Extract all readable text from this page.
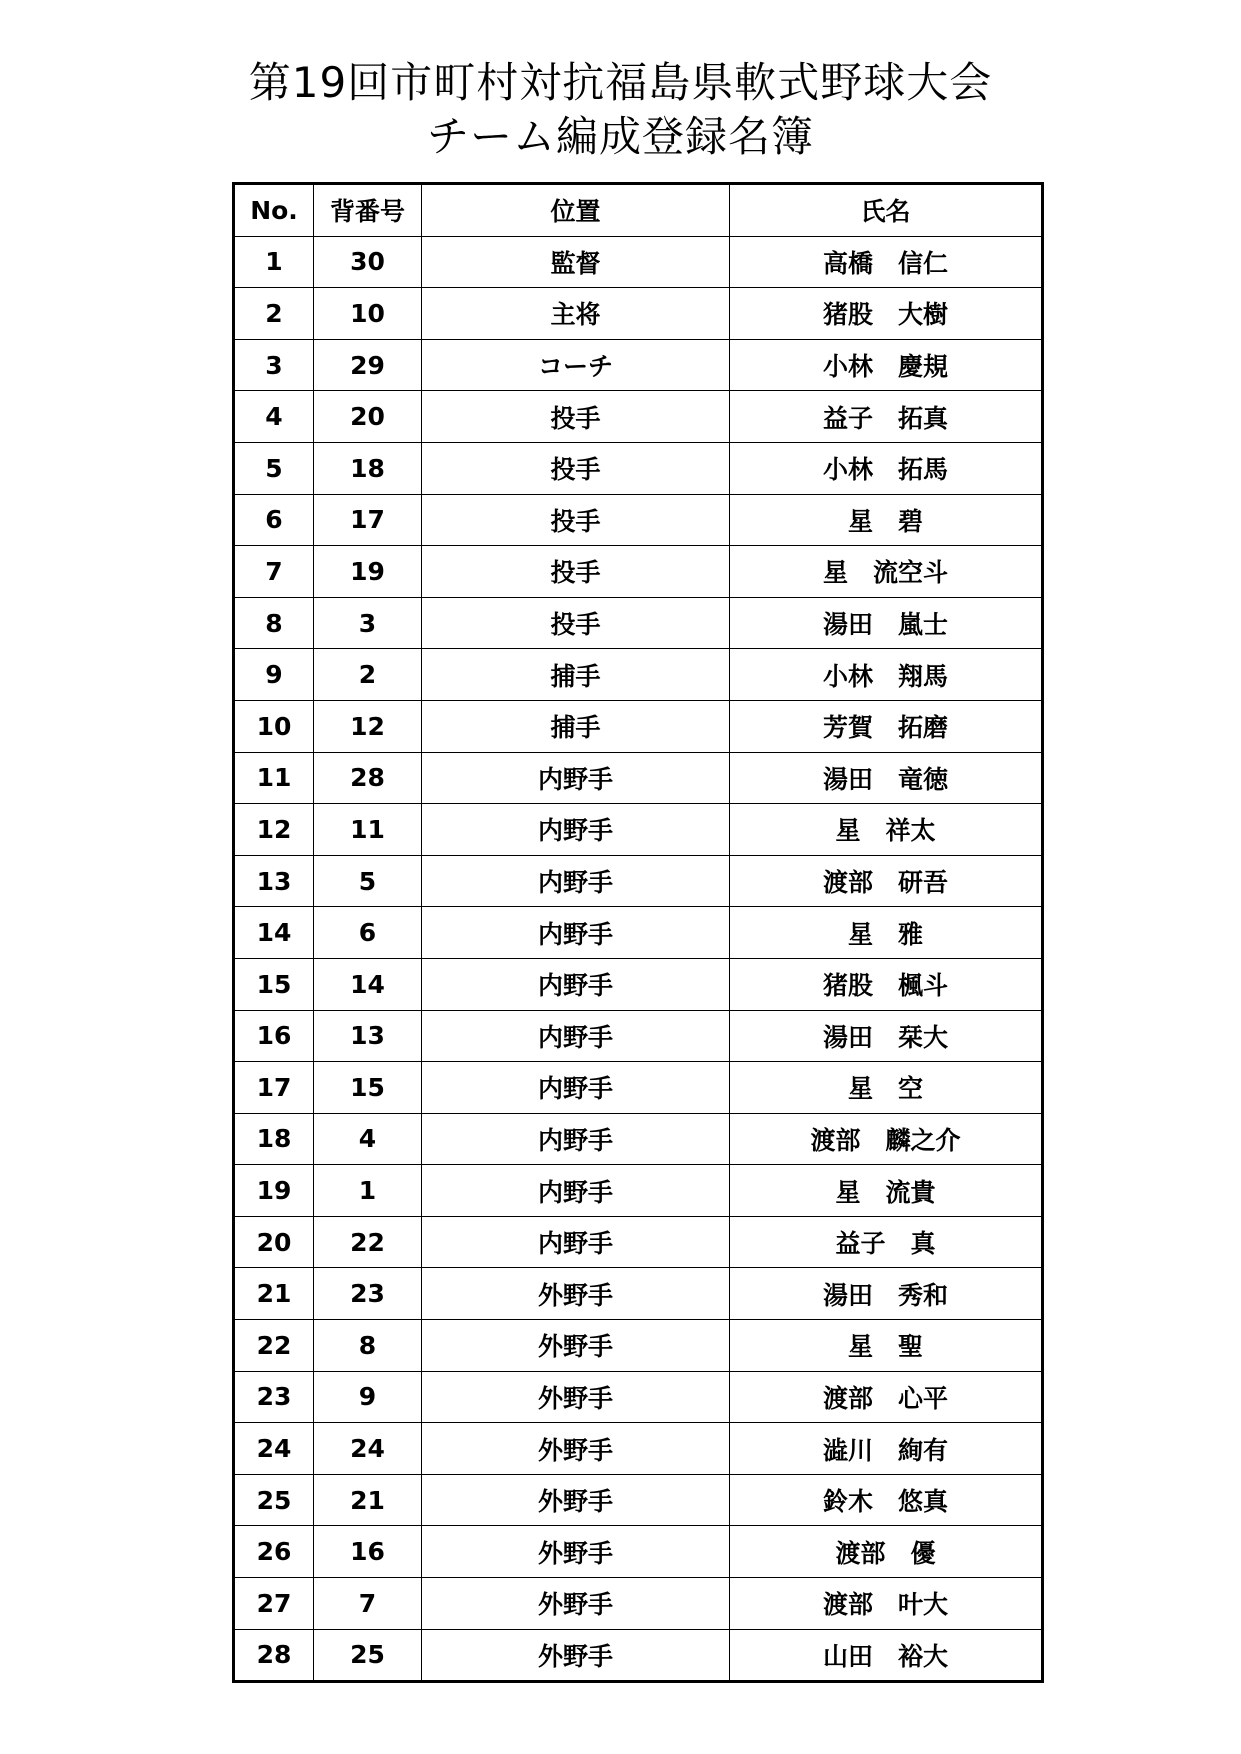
第19回市町村対抗福島県軟式野球大会
チーム編成登録名簿
No.	背番号	位置	氏名
1	30	監督	高橋　信仁
2	10	主将	猪股　大樹
3	29	コーチ	小林　慶規
4	20	投手	益子　拓真
5	18	投手	小林　拓馬
6	17	投手	星　碧
7	19	投手	星　流空斗
8	3	投手	湯田　嵐士
9	2	捕手	小林　翔馬
10	12	捕手	芳賀　拓磨
11	28	内野手	湯田　竜徳
12	11	内野手	星　祥太
13	5	内野手	渡部　研吾
14	6	内野手	星　雅
15	14	内野手	猪股　楓斗
16	13	内野手	湯田　栞大
17	15	内野手	星　空
18	4	内野手	渡部　麟之介
19	1	内野手	星　流貴
20	22	内野手	益子　真
21	23	外野手	湯田　秀和
22	8	外野手	星　聖
23	9	外野手	渡部　心平
24	24	外野手	澁川　絢有
25	21	外野手	鈴木　悠真
26	16	外野手	渡部　優
27	7	外野手	渡部　叶大
28	25	外野手	山田　裕大
